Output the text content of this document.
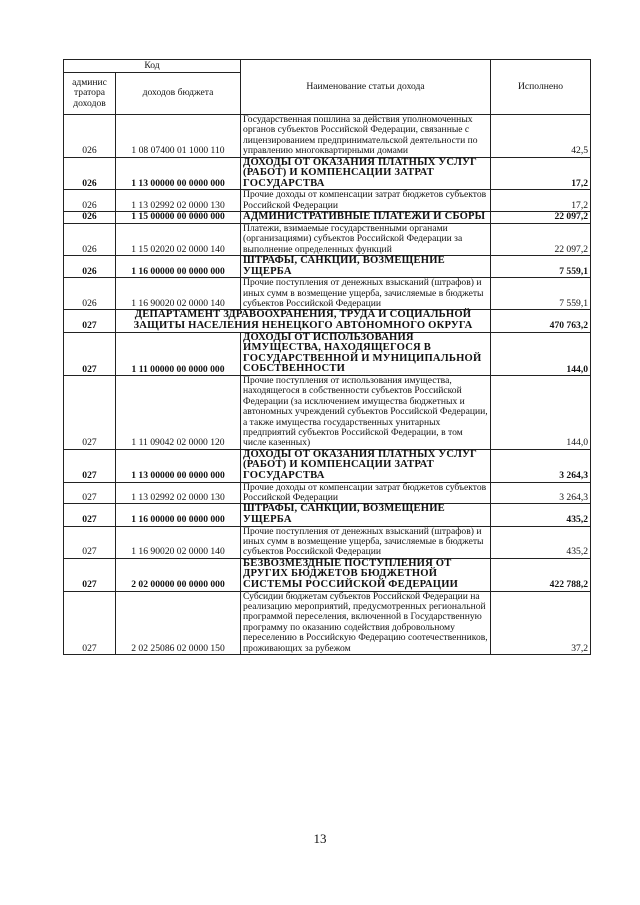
Код		Наименование статьи дохода	Исполнено
админис тратора доходов	доходов бюджета		
026	1 08 07400 01 1000 110	Государственная пошлина за действия уполномоченных органов субъектов Российской Федерации, связанные с лицензированием предпринимательской деятельности по управлению многоквартирными домами	42,5
026	1 13 00000 00 0000 000	ДОХОДЫ ОТ ОКАЗАНИЯ ПЛАТНЫХ УСЛУГ (РАБОТ) И КОМПЕНСАЦИИ ЗАТРАТ ГОСУДАРСТВА	17,2
026	1 13 02992 02 0000 130	Прочие доходы от компенсации затрат бюджетов субъектов Российской Федерации	17,2
026	1 15 00000 00 0000 000	АДМИНИСТРАТИВНЫЕ ПЛАТЕЖИ И СБОРЫ	22 097,2
026	1 15 02020 02 0000 140	Платежи, взимаемые государственными органами (организациями) субъектов Российской Федерации за выполнение определенных функций	22 097,2
026	1 16 00000 00 0000 000	ШТРАФЫ, САНКЦИИ, ВОЗМЕЩЕНИЕ УЩЕРБА	7 559,1
026	1 16 90020 02 0000 140	Прочие поступления от денежных взысканий (штрафов) и иных сумм в возмещение ущерба, зачисляемые в бюджеты субъектов Российской Федерации	7 559,1
027	ДЕПАРТАМЕНТ ЗДРАВООХРАНЕНИЯ, ТРУДА И СОЦИАЛЬНОЙ ЗАЩИТЫ НАСЕЛЕНИЯ НЕНЕЦКОГО АВТОНОМНОГО ОКРУГА		470 763,2
027	1 11 00000 00 0000 000	ДОХОДЫ ОТ ИСПОЛЬЗОВАНИЯ ИМУЩЕСТВА, НАХОДЯЩЕГОСЯ В ГОСУДАРСТВЕННОЙ И МУНИЦИПАЛЬНОЙ СОБСТВЕННОСТИ	144,0
027	1 11 09042 02 0000 120	Прочие поступления от использования имущества, находящегося в собственности субъектов Российской Федерации (за исключением имущества бюджетных и автономных учреждений субъектов Российской Федерации, а также имущества государственных унитарных предприятий субъектов Российской Федерации, в том числе казенных)	144,0
027	1 13 00000 00 0000 000	ДОХОДЫ ОТ ОКАЗАНИЯ ПЛАТНЫХ УСЛУГ (РАБОТ) И КОМПЕНСАЦИИ ЗАТРАТ ГОСУДАРСТВА	3 264,3
027	1 13 02992 02 0000 130	Прочие доходы от компенсации затрат бюджетов субъектов Российской Федерации	3 264,3
027	1 16 00000 00 0000 000	ШТРАФЫ, САНКЦИИ, ВОЗМЕЩЕНИЕ УЩЕРБА	435,2
027	1 16 90020 02 0000 140	Прочие поступления от денежных взысканий (штрафов) и иных сумм в возмещение ущерба, зачисляемые в бюджеты субъектов Российской Федерации	435,2
027	2 02 00000 00 0000 000	БЕЗВОЗМЕЗДНЫЕ ПОСТУПЛЕНИЯ ОТ ДРУГИХ БЮДЖЕТОВ БЮДЖЕТНОЙ СИСТЕМЫ РОССИЙСКОЙ ФЕДЕРАЦИИ	422 788,2
027	2 02 25086 02 0000 150	Субсидии бюджетам субъектов Российской Федерации на реализацию мероприятий, предусмотренных региональной программой переселения, включенной в Государственную программу по оказанию содействия добровольному переселению в Российскую Федерацию соотечественников, проживающих за рубежом	37,2
13
